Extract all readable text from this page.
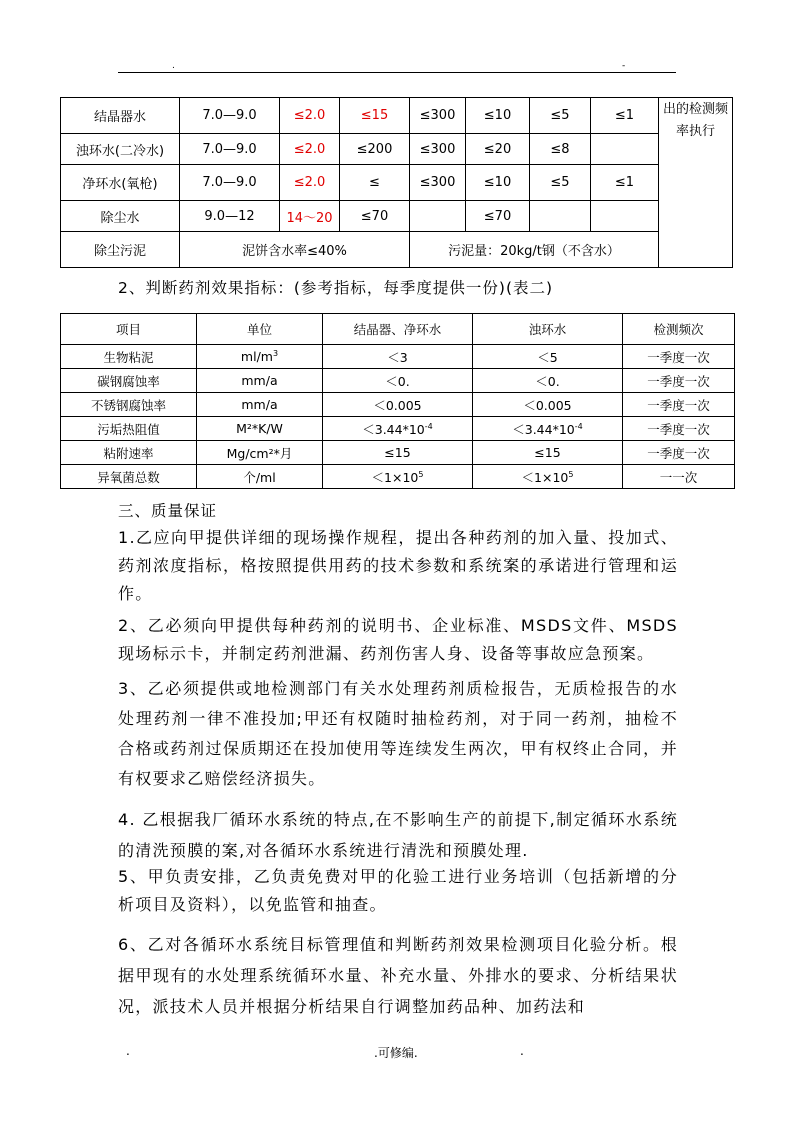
.	-
结晶器水	7.0—9.0	≤2.0	≤15	≤300	≤10	≤5	≤1	出的检测频率执行
浊环水(二冷水)	7.0—9.0	≤2.0	≤200	≤300	≤20	≤8		
净环水(氧枪)	7.0—9.0	≤2.0	≤	≤300	≤10	≤5	≤1	
除尘水	9.0—12	14～20	≤70		≤70			
除尘污泥	泥饼含水率≤40%			污泥量：20kg/t钢（不含水）				
2、判断药剂效果指标：(参考指标，每季度提供一份)(表二)
项目	单位	结晶器、净环水	浊环水	检测频次
生物粘泥	$ml/m^3$	＜3	＜5	一季度一次
碳钢腐蚀率	mm/a	＜0.	＜0.	一季度一次
不锈钢腐蚀率	mm/a	＜0.005	＜0.005	一季度一次
污垢热阻值	M²*K/W	$<3.44*10^{-4}$	$<3.44*10^{-4}$	一季度一次
粘附速率	Mg/cm²*月	≤15	≤15	一季度一次
异氧菌总数	个/ml	$<1\times 10^5$	$<1\times 10^5$	一一次
三、质量保证
1.乙应向甲提供详细的现场操作规程，提出各种药剂的加入量、投加式、药剂浓度指标，格按照提供用药的技术参数和系统案的承诺进行管理和运作。
2、乙必须向甲提供每种药剂的说明书、企业标准、MSDS文件、MSDS现场标示卡，并制定药剂泄漏、药剂伤害人身、设备等事故应急预案。
3、乙必须提供或地检测部门有关水处理药剂质检报告，无质检报告的水处理药剂一律不准投加;甲还有权随时抽检药剂，对于同一药剂，抽检不合格或药剂过保质期还在投加使用等连续发生两次，甲有权终止合同，并有权要求乙赔偿经济损失。
4. 乙根据我厂循环水系统的特点,在不影响生产的前提下,制定循环水系统的清洗预膜的案,对各循环水系统进行清洗和预膜处理.
5、甲负责安排，乙负责免费对甲的化验工进行业务培训（包括新增的分析项目及资料），以免监管和抽查。
6、乙对各循环水系统目标管理值和判断药剂效果检测项目化验分析。根据甲现有的水处理系统循环水量、补充水量、外排水的要求、分析结果状况，派技术人员并根据分析结果自行调整加药品种、加药法和
.	.可修编.	.
